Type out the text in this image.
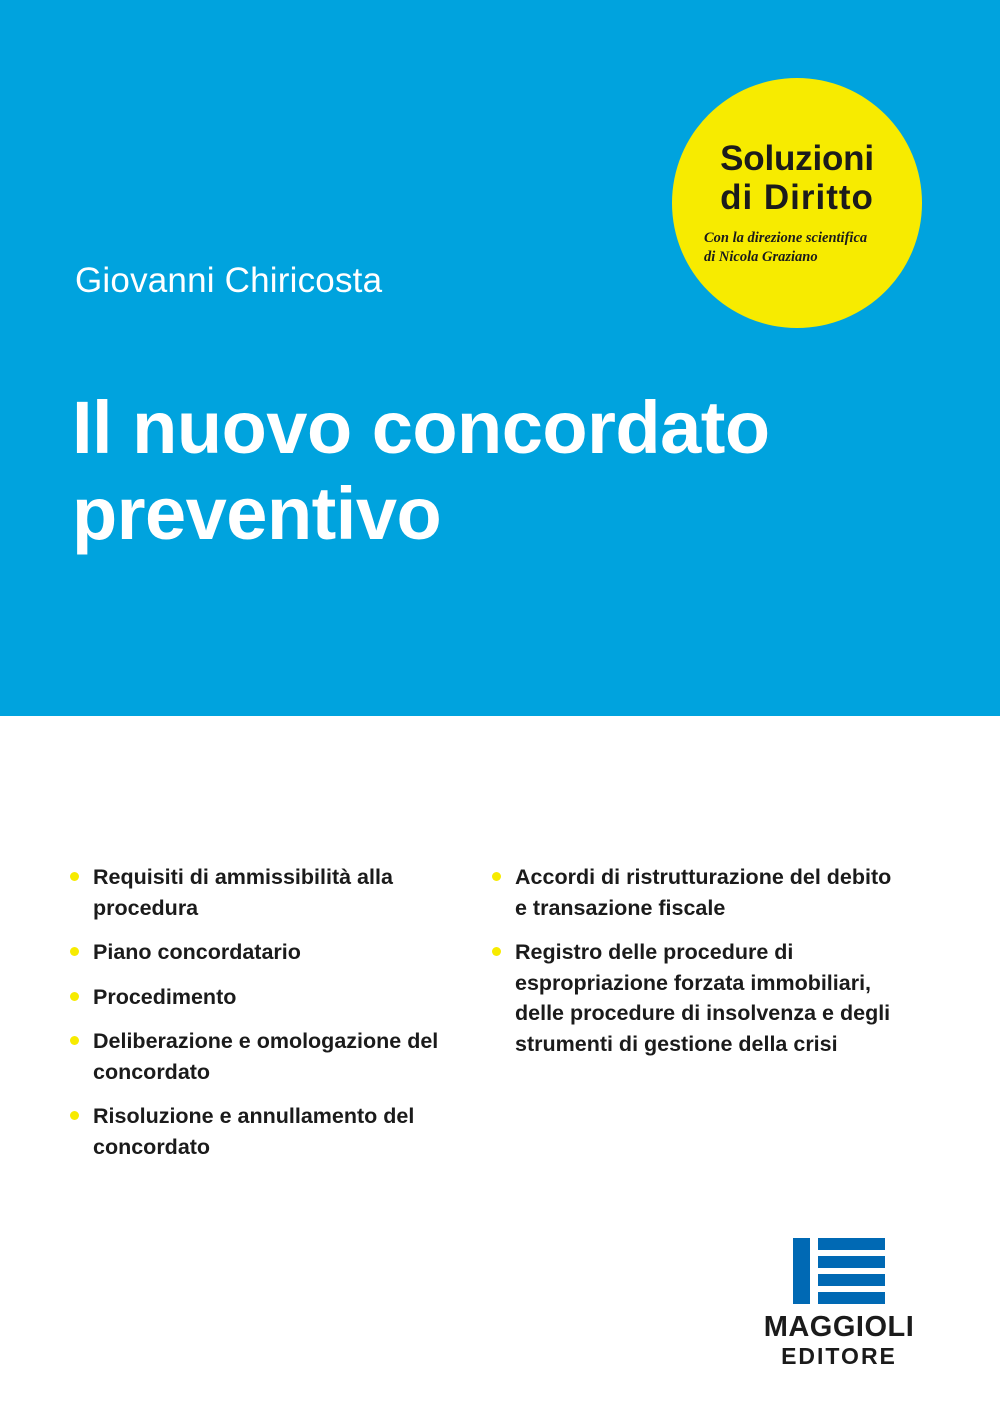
Soluzioni
di Diritto
Con la direzione scientifica
di Nicola Graziano
Giovanni Chiricosta
Il nuovo concordato
preventivo
Requisiti di ammissibilità alla procedura
Piano concordatario
Procedimento
Deliberazione e omologazione del concordato
Risoluzione e annullamento del concordato
Accordi di ristrutturazione del debito e transazione fiscale
Registro delle procedure di espropriazione forzata immobiliari, delle procedure di insolvenza e degli strumenti di gestione della crisi
MAGGIOLI
EDITORE
